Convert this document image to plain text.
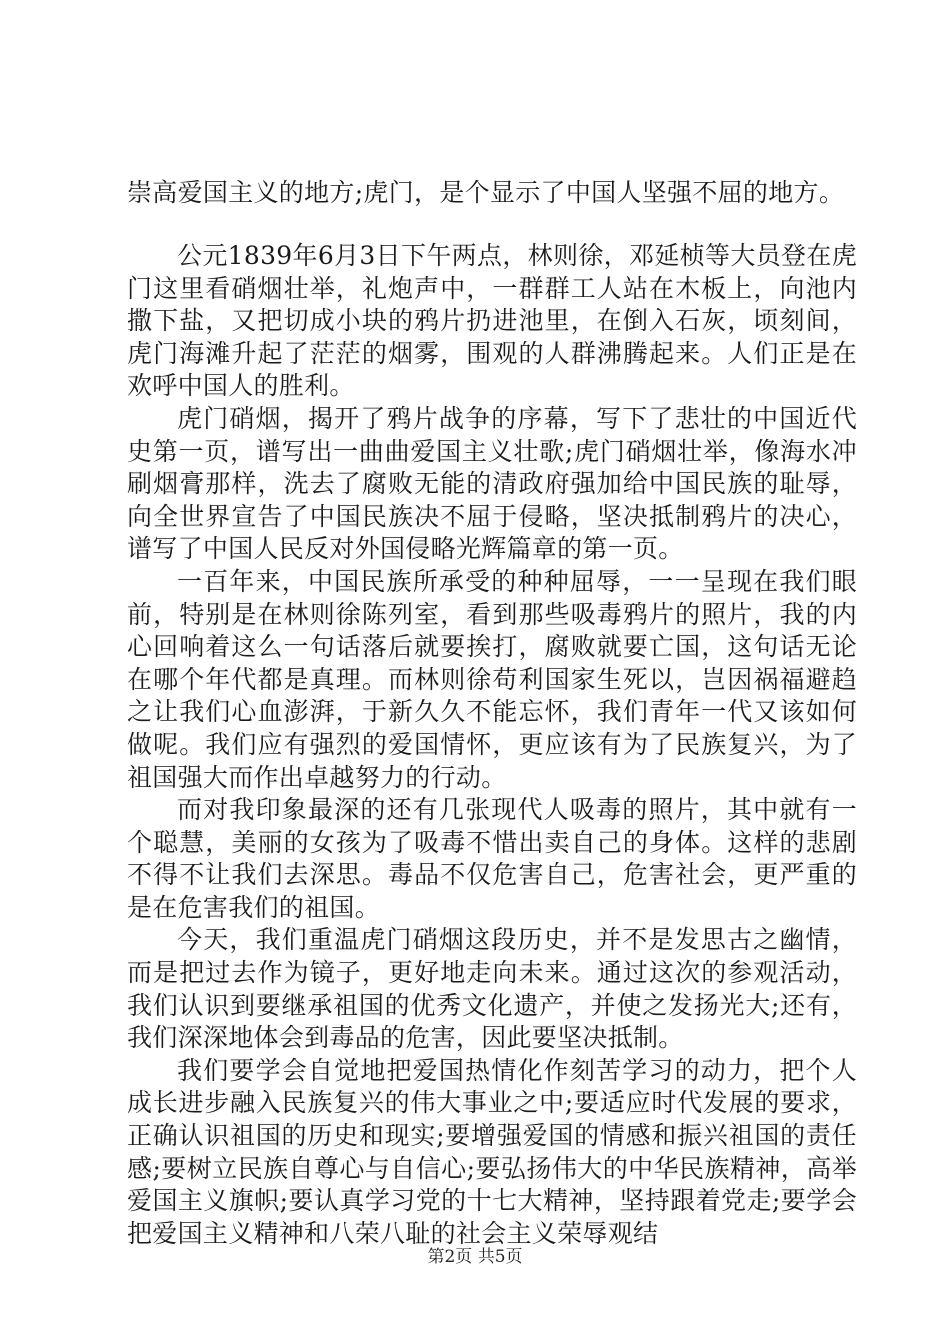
崇高爱国主义的地方;虎门，是个显示了中国人坚强不屈的地方。

公元1839年6月3日下午两点，林则徐，邓延桢等大员登在虎门这里看硝烟壮举，礼炮声中，一群群工人站在木板上，向池内撒下盐，又把切成小块的鸦片扔进池里，在倒入石灰，顷刻间，虎门海滩升起了茫茫的烟雾，围观的人群沸腾起来。人们正是在欢呼中国人的胜利。

虎门硝烟，揭开了鸦片战争的序幕，写下了悲壮的中国近代史第一页，谱写出一曲曲爱国主义壮歌;虎门硝烟壮举，像海水冲刷烟膏那样，洗去了腐败无能的清政府强加给中国民族的耻辱，向全世界宣告了中国民族决不屈于侵略，坚决抵制鸦片的决心，谱写了中国人民反对外国侵略光辉篇章的第一页。

一百年来，中国民族所承受的种种屈辱，一一呈现在我们眼前，特别是在林则徐陈列室，看到那些吸毒鸦片的照片，我的内心回响着这么一句话落后就要挨打，腐败就要亡国，这句话无论在哪个年代都是真理。而林则徐苟利国家生死以，岂因祸福避趋之让我们心血澎湃，于新久久不能忘怀，我们青年一代又该如何做呢。我们应有强烈的爱国情怀，更应该有为了民族复兴，为了祖国强大而作出卓越努力的行动。

而对我印象最深的还有几张现代人吸毒的照片，其中就有一个聪慧，美丽的女孩为了吸毒不惜出卖自己的身体。这样的悲剧不得不让我们去深思。毒品不仅危害自己，危害社会，更严重的是在危害我们的祖国。

今天，我们重温虎门硝烟这段历史，并不是发思古之幽情，而是把过去作为镜子，更好地走向未来。通过这次的参观活动，我们认识到要继承祖国的优秀文化遗产，并使之发扬光大;还有，我们深深地体会到毒品的危害，因此要坚决抵制。

我们要学会自觉地把爱国热情化作刻苦学习的动力，把个人成长进步融入民族复兴的伟大事业之中;要适应时代发展的要求，正确认识祖国的历史和现实;要增强爱国的情感和振兴祖国的责任感;要树立民族自尊心与自信心;要弘扬伟大的中华民族精神，高举爱国主义旗帜;要认真学习党的十七大精神，坚持跟着党走;要学会把爱国主义精神和八荣八耻的社会主义荣辱观结

第2页 共5页
